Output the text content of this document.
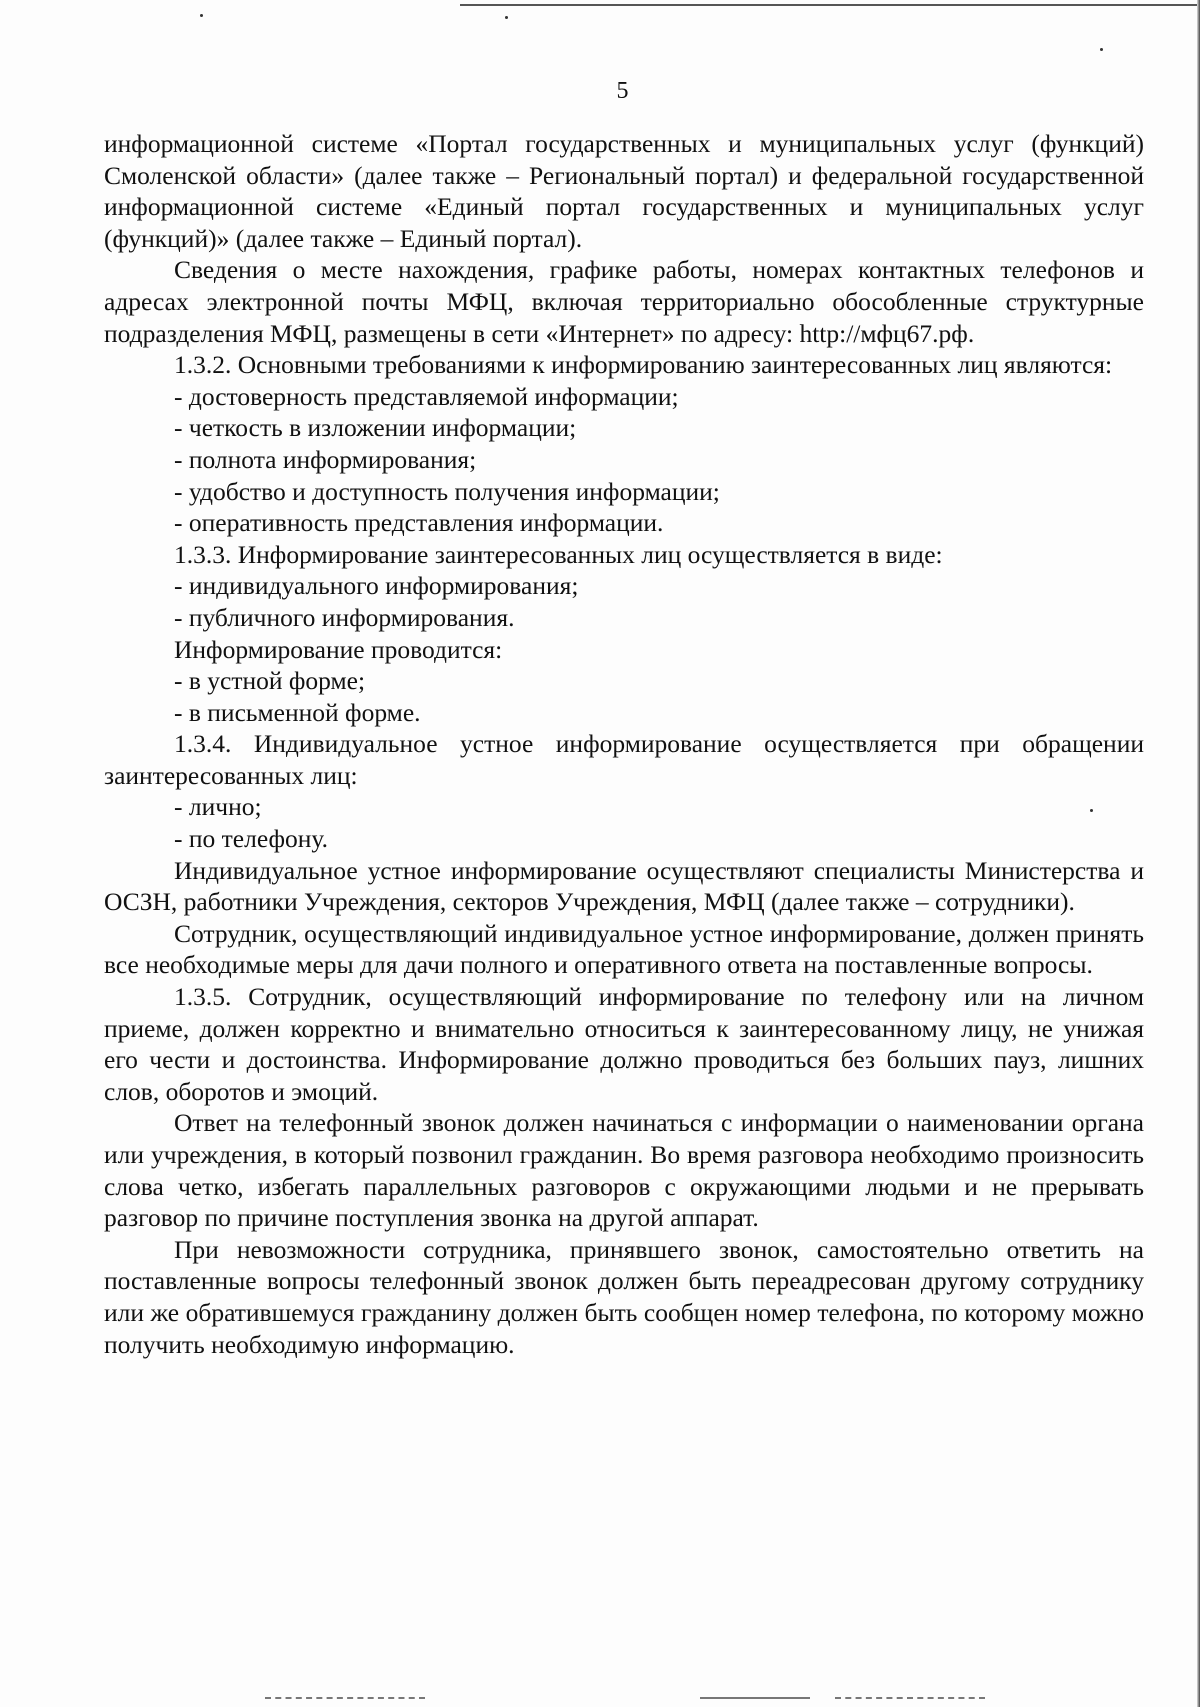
5

информационной системе «Портал государственных и муниципальных услуг (функций) Смоленской области» (далее также – Региональный портал) и федеральной государственной информационной системе «Единый портал государственных и муниципальных услуг (функций)» (далее также – Единый портал).

Сведения о месте нахождения, графике работы, номерах контактных телефонов и адресах электронной почты МФЦ, включая территориально обособленные структурные подразделения МФЦ, размещены в сети «Интернет» по адресу: http://мфц67.рф.

1.3.2. Основными требованиями к информированию заинтересованных лиц являются:

- достоверность представляемой информации;

- четкость в изложении информации;

- полнота информирования;

- удобство и доступность получения информации;

- оперативность представления информации.

1.3.3. Информирование заинтересованных лиц осуществляется в виде:

- индивидуального информирования;

- публичного информирования.

Информирование проводится:

- в устной форме;

- в письменной форме.

1.3.4. Индивидуальное устное информирование осуществляется при обращении заинтересованных лиц:

- лично;

- по телефону.

Индивидуальное устное информирование осуществляют специалисты Министерства и ОСЗН, работники Учреждения, секторов Учреждения, МФЦ (далее также – сотрудники).

Сотрудник, осуществляющий индивидуальное устное информирование, должен принять все необходимые меры для дачи полного и оперативного ответа на поставленные вопросы.

1.3.5. Сотрудник, осуществляющий информирование по телефону или на личном приеме, должен корректно и внимательно относиться к заинтересованному лицу, не унижая его чести и достоинства. Информирование должно проводиться без больших пауз, лишних слов, оборотов и эмоций.

Ответ на телефонный звонок должен начинаться с информации о наименовании органа или учреждения, в который позвонил гражданин. Во время разговора необходимо произносить слова четко, избегать параллельных разговоров с окружающими людьми и не прерывать разговор по причине поступления звонка на другой аппарат.

При невозможности сотрудника, принявшего звонок, самостоятельно ответить на поставленные вопросы телефонный звонок должен быть переадресован другому сотруднику или же обратившемуся гражданину должен быть сообщен номер телефона, по которому можно получить необходимую информацию.
